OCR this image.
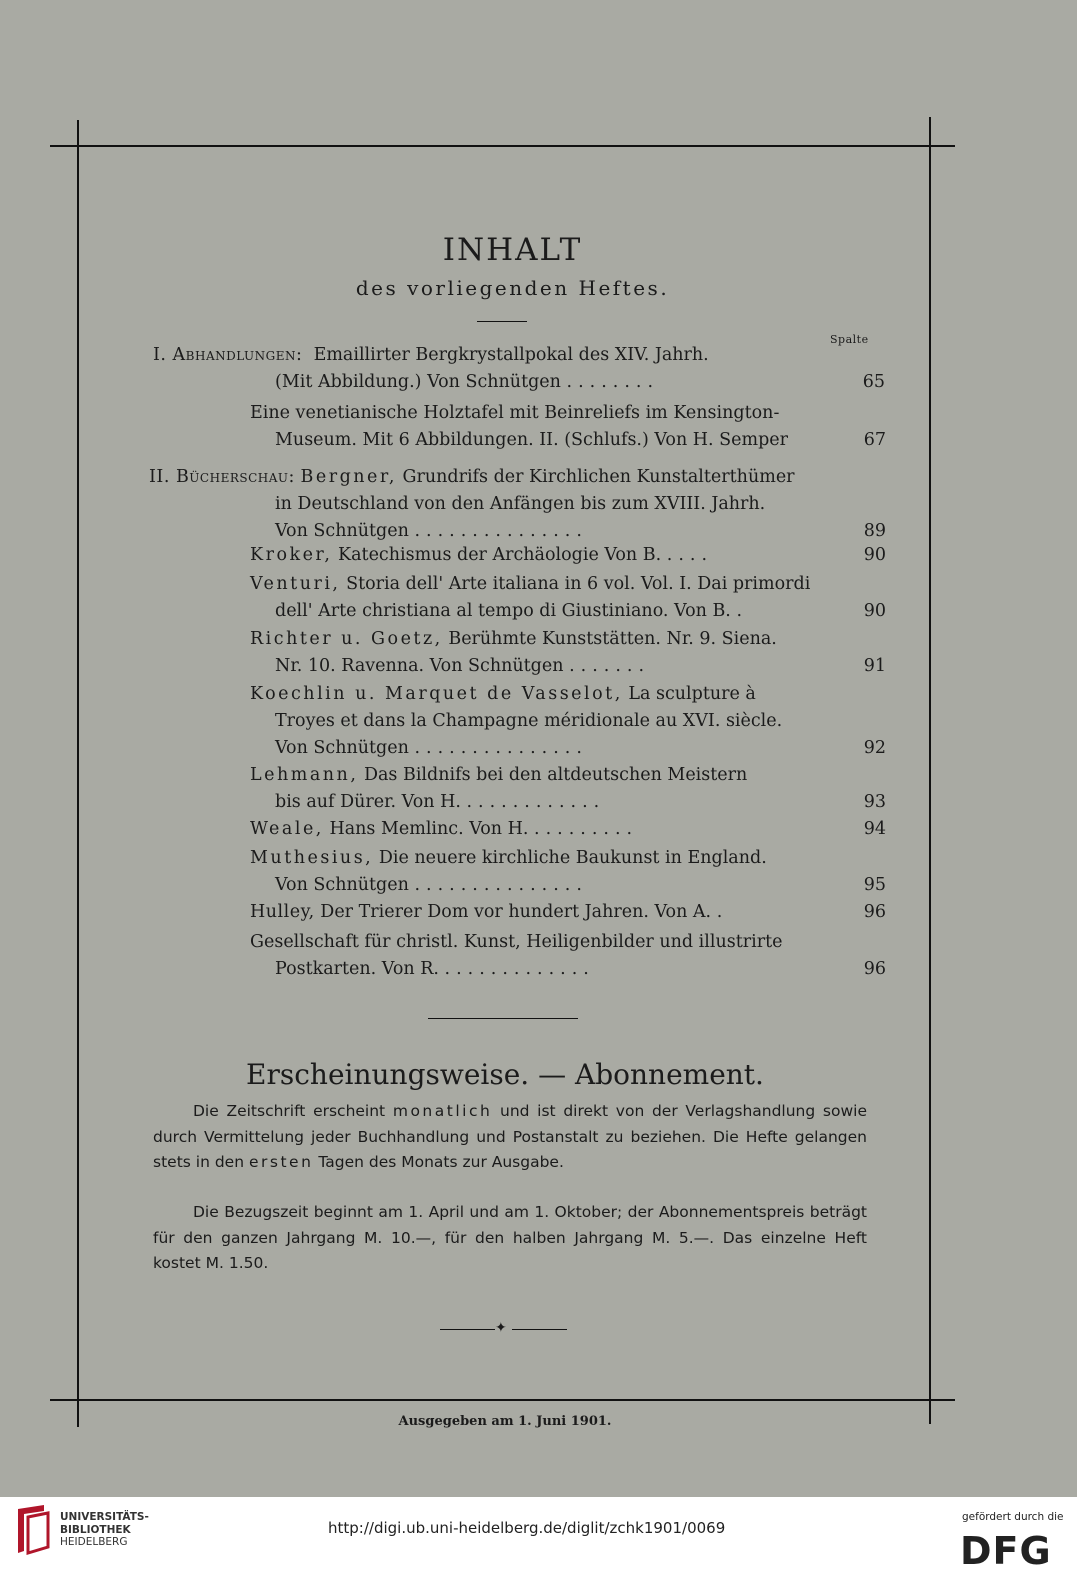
INHALT
des vorliegenden Heftes.
Spalte
I. Abhandlungen: Emaillirter Bergkrystallpokal des XIV. Jahrh.
(Mit Abbildung.) Von Schnütgen ........	65
Eine venetianische Holztafel mit Beinreliefs im Kensington-
Museum. Mit 6 Abbildungen. II. (Schlufs.) Von H. Semper	67
II. Bücherschau: Bergner, Grundrifs der Kirchlichen Kunstalterthümer
in Deutschland von den Anfängen bis zum XVIII. Jahrh.
Von Schnütgen ...............	89
Kroker, Katechismus der Archäologie Von B. ....	90
Venturi, Storia dell' Arte italiana in 6 vol. Vol. I. Dai primordi
dell' Arte christiana al tempo di Giustiniano. Von B. .	90
Richter u. Goetz, Berühmte Kunststätten. Nr. 9. Siena.
Nr. 10. Ravenna. Von Schnütgen .......	91
Koechlin u. Marquet de Vasselot, La sculpture à
Troyes et dans la Champagne méridionale au XVI. siècle.
Von Schnütgen ...............	92
Lehmann, Das Bildnifs bei den altdeutschen Meistern
bis auf Dürer. Von H. ............	93
Weale, Hans Memlinc. Von H. .........	94
Muthesius, Die neuere kirchliche Baukunst in England.
Von Schnütgen ...............	95
Hulley, Der Trierer Dom vor hundert Jahren. Von A. .	96
Gesellschaft für christl. Kunst, Heiligenbilder und illustrirte
Postkarten. Von R. .............	96
Erscheinungsweise. — Abonnement.
Die Zeitschrift erscheint monatlich und ist direkt von der Verlagshandlung sowie durch Vermittelung jeder Buchhandlung und Postanstalt zu beziehen. Die Hefte gelangen stets in den ersten Tagen des Monats zur Ausgabe.
Die Bezugszeit beginnt am 1. April und am 1. Oktober; der Abonnementspreis beträgt für den ganzen Jahrgang M. 10.—, für den halben Jahrgang M. 5.—. Das einzelne Heft kostet M. 1.50.
✦
Ausgegeben am 1. Juni 1901.
UNIVERSITÄTS-
BIBLIOTHEK
HEIDELBERG
http://digi.ub.uni-heidelberg.de/diglit/zchk1901/0069
gefördert durch die
DFG
